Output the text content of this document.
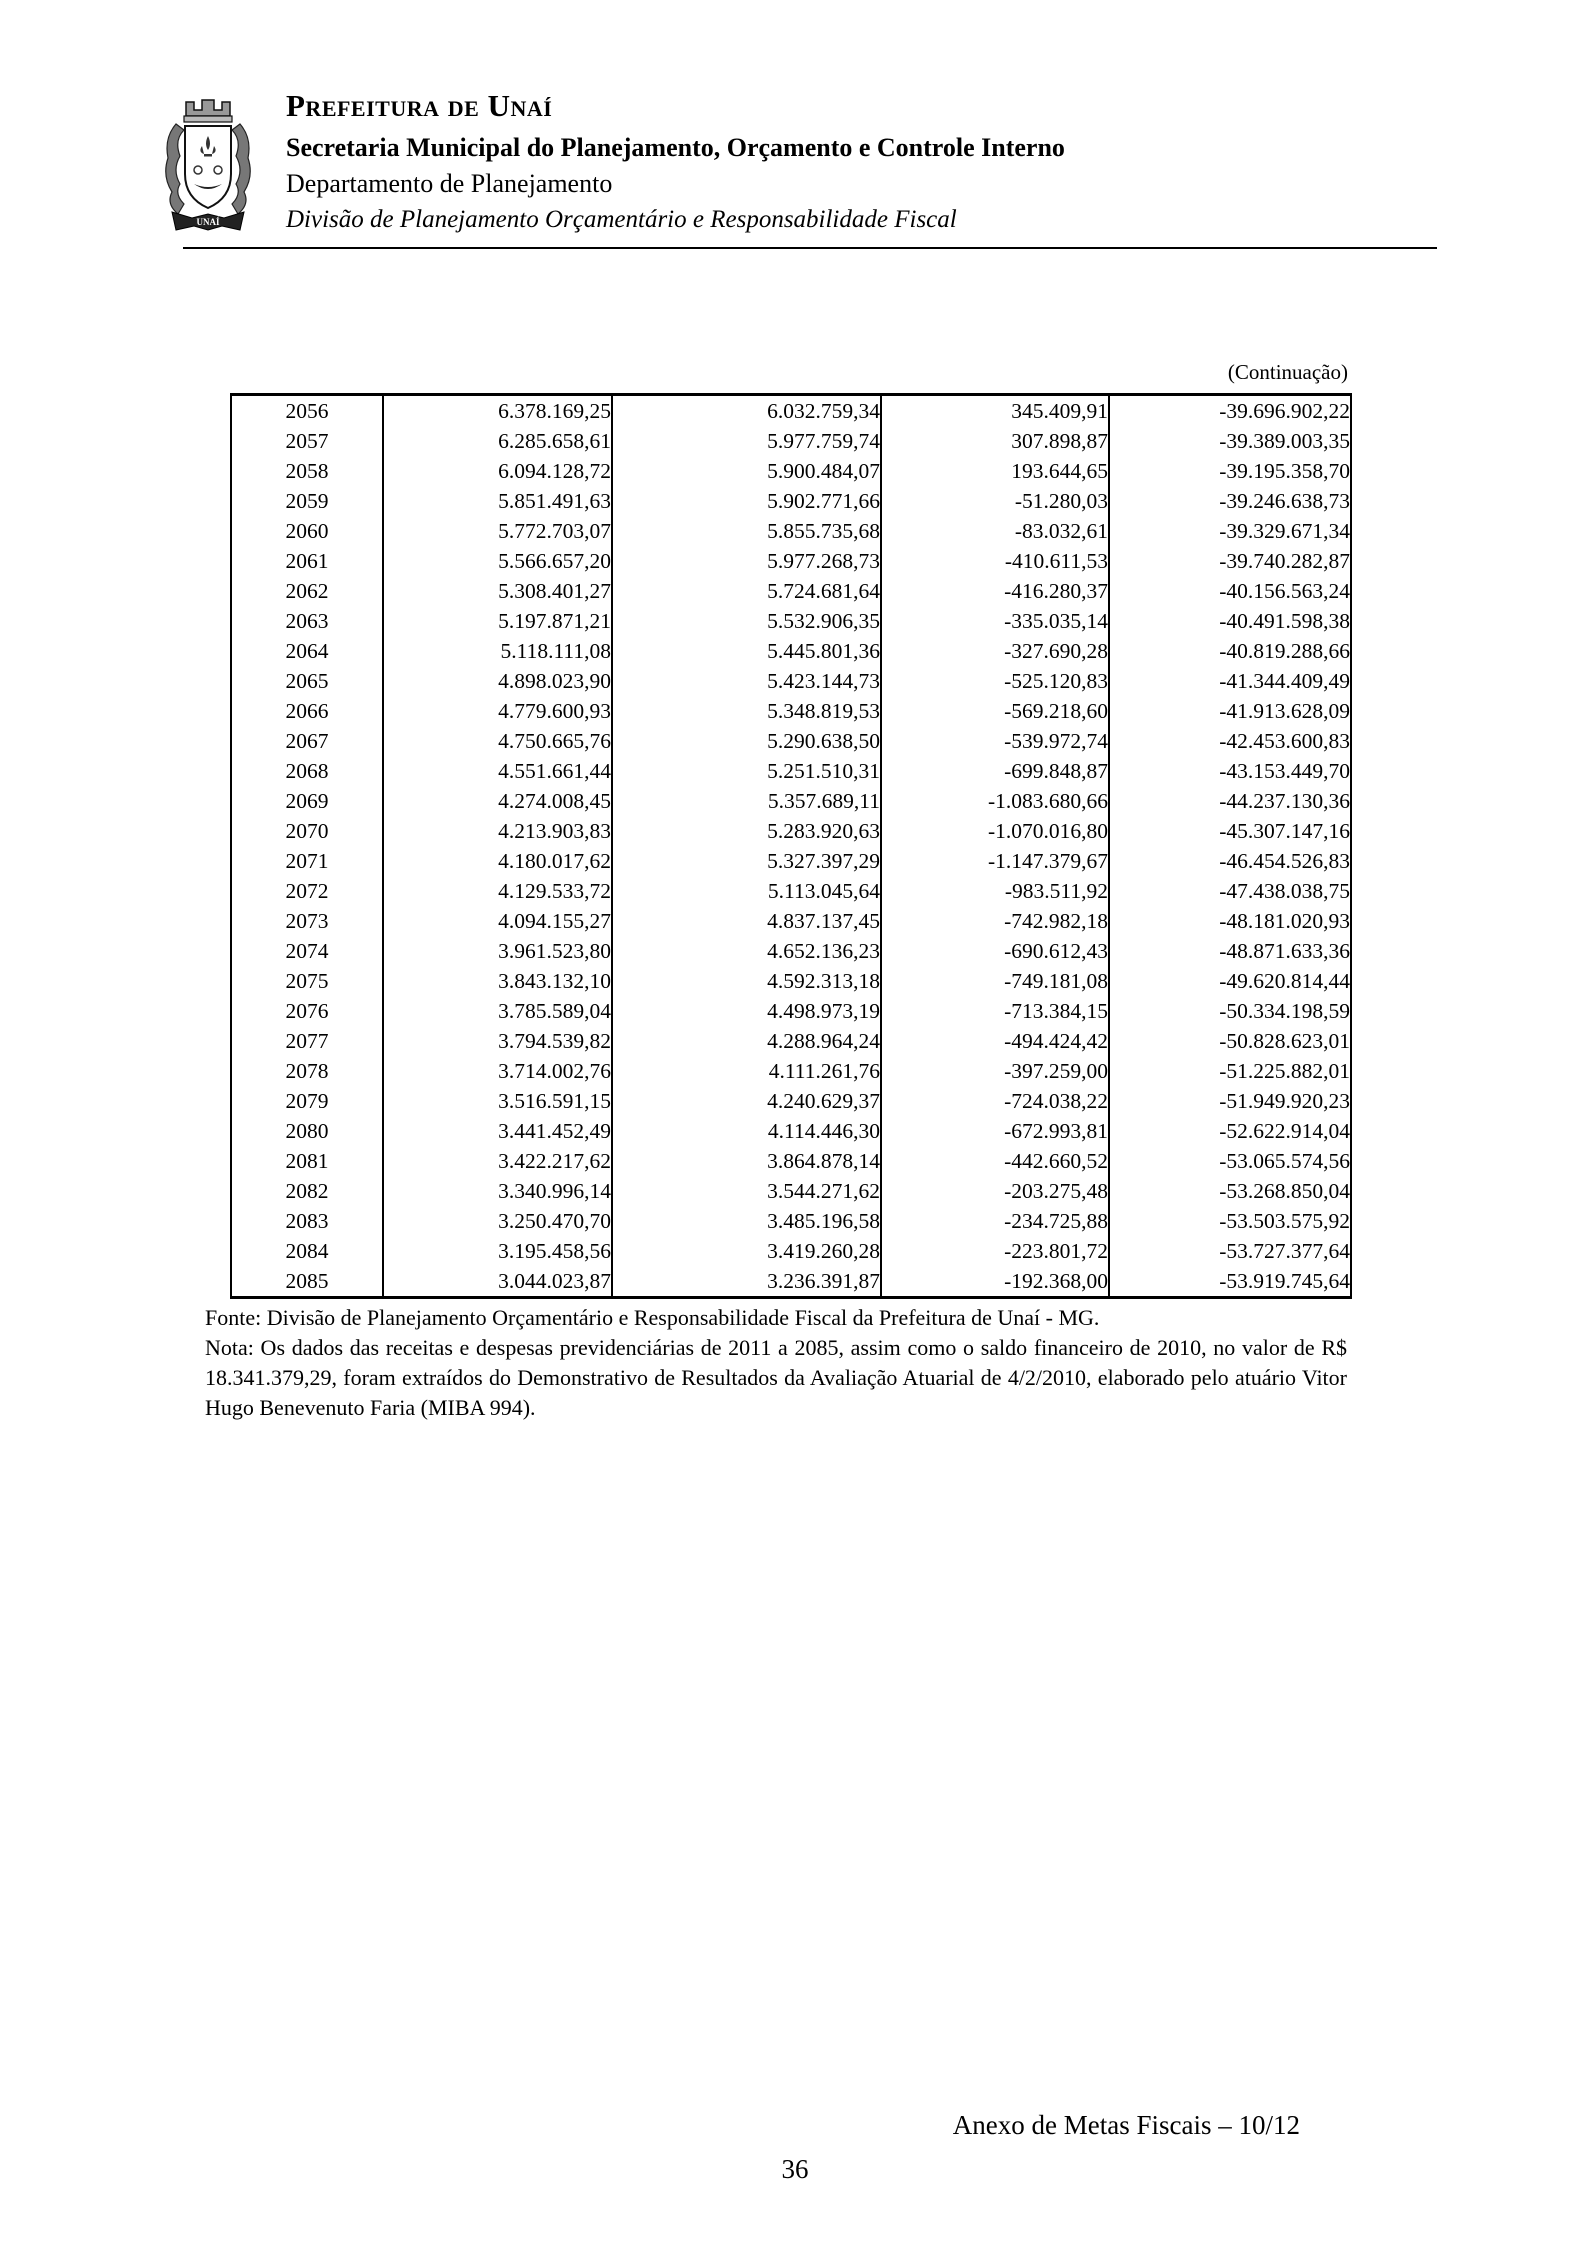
UNAÍ
Prefeitura de Unaí
Secretaria Municipal do Planejamento, Orçamento e Controle Interno
Departamento de Planejamento
Divisão de Planejamento Orçamentário e Responsabilidade Fiscal
(Continuação)
2056	6.378.169,25	6.032.759,34	345.409,91	-39.696.902,22
2057	6.285.658,61	5.977.759,74	307.898,87	-39.389.003,35
2058	6.094.128,72	5.900.484,07	193.644,65	-39.195.358,70
2059	5.851.491,63	5.902.771,66	-51.280,03	-39.246.638,73
2060	5.772.703,07	5.855.735,68	-83.032,61	-39.329.671,34
2061	5.566.657,20	5.977.268,73	-410.611,53	-39.740.282,87
2062	5.308.401,27	5.724.681,64	-416.280,37	-40.156.563,24
2063	5.197.871,21	5.532.906,35	-335.035,14	-40.491.598,38
2064	5.118.111,08	5.445.801,36	-327.690,28	-40.819.288,66
2065	4.898.023,90	5.423.144,73	-525.120,83	-41.344.409,49
2066	4.779.600,93	5.348.819,53	-569.218,60	-41.913.628,09
2067	4.750.665,76	5.290.638,50	-539.972,74	-42.453.600,83
2068	4.551.661,44	5.251.510,31	-699.848,87	-43.153.449,70
2069	4.274.008,45	5.357.689,11	-1.083.680,66	-44.237.130,36
2070	4.213.903,83	5.283.920,63	-1.070.016,80	-45.307.147,16
2071	4.180.017,62	5.327.397,29	-1.147.379,67	-46.454.526,83
2072	4.129.533,72	5.113.045,64	-983.511,92	-47.438.038,75
2073	4.094.155,27	4.837.137,45	-742.982,18	-48.181.020,93
2074	3.961.523,80	4.652.136,23	-690.612,43	-48.871.633,36
2075	3.843.132,10	4.592.313,18	-749.181,08	-49.620.814,44
2076	3.785.589,04	4.498.973,19	-713.384,15	-50.334.198,59
2077	3.794.539,82	4.288.964,24	-494.424,42	-50.828.623,01
2078	3.714.002,76	4.111.261,76	-397.259,00	-51.225.882,01
2079	3.516.591,15	4.240.629,37	-724.038,22	-51.949.920,23
2080	3.441.452,49	4.114.446,30	-672.993,81	-52.622.914,04
2081	3.422.217,62	3.864.878,14	-442.660,52	-53.065.574,56
2082	3.340.996,14	3.544.271,62	-203.275,48	-53.268.850,04
2083	3.250.470,70	3.485.196,58	-234.725,88	-53.503.575,92
2084	3.195.458,56	3.419.260,28	-223.801,72	-53.727.377,64
2085	3.044.023,87	3.236.391,87	-192.368,00	-53.919.745,64
Fonte: Divisão de Planejamento Orçamentário e Responsabilidade Fiscal da Prefeitura de Unaí - MG.
Nota: Os dados das receitas e despesas previdenciárias de 2011 a 2085, assim como o saldo financeiro de 2010, no valor de R$ 18.341.379,29, foram extraídos do Demonstrativo de Resultados da Avaliação Atuarial de 4/2/2010, elaborado pelo atuário Vitor Hugo Benevenuto Faria (MIBA 994).
Anexo de Metas Fiscais – 10/12
36
